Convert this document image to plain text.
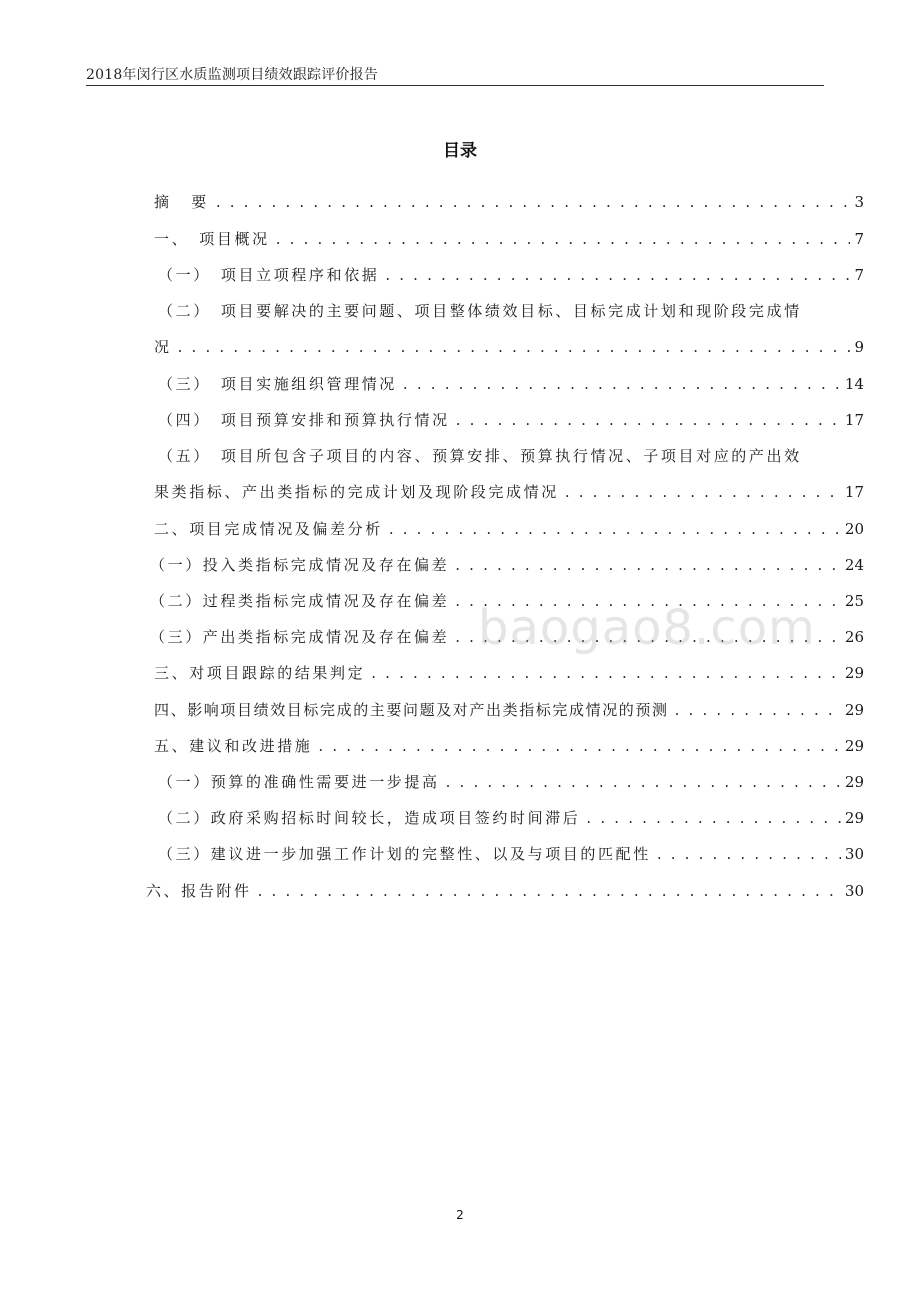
2018年闵行区水质监测项目绩效跟踪评价报告
目录
摘　要 . . .	3
一、　项目概况 . . .	7
（一）　项目立项程序和依据 . . .	7
（二）　项目要解决的主要问题、项目整体绩效目标、目标完成计划和现阶段完成情
况 . . .	9
（三）　项目实施组织管理情况 . . .	14
（四）　项目预算安排和预算执行情况 . . .	17
（五）　项目所包含子项目的内容、预算安排、预算执行情况、子项目对应的产出效
果类指标、产出类指标的完成计划及现阶段完成情况 . . .	17
二、项目完成情况及偏差分析 . . .	20
（一）投入类指标完成情况及存在偏差 . . .	24
（二）过程类指标完成情况及存在偏差 . . .	25
（三）产出类指标完成情况及存在偏差 . . .	26
三、对项目跟踪的结果判定 . . .	29
四、影响项目绩效目标完成的主要问题及对产出类指标完成情况的预测 . . .	29
五、建议和改进措施 . . .	29
（一）预算的准确性需要进一步提高 . . .	29
（二）政府采购招标时间较长，造成项目签约时间滞后 . . .	29
（三）建议进一步加强工作计划的完整性、以及与项目的匹配性 . . .	30
六、报告附件 . . .	30
baogao8.com
2
